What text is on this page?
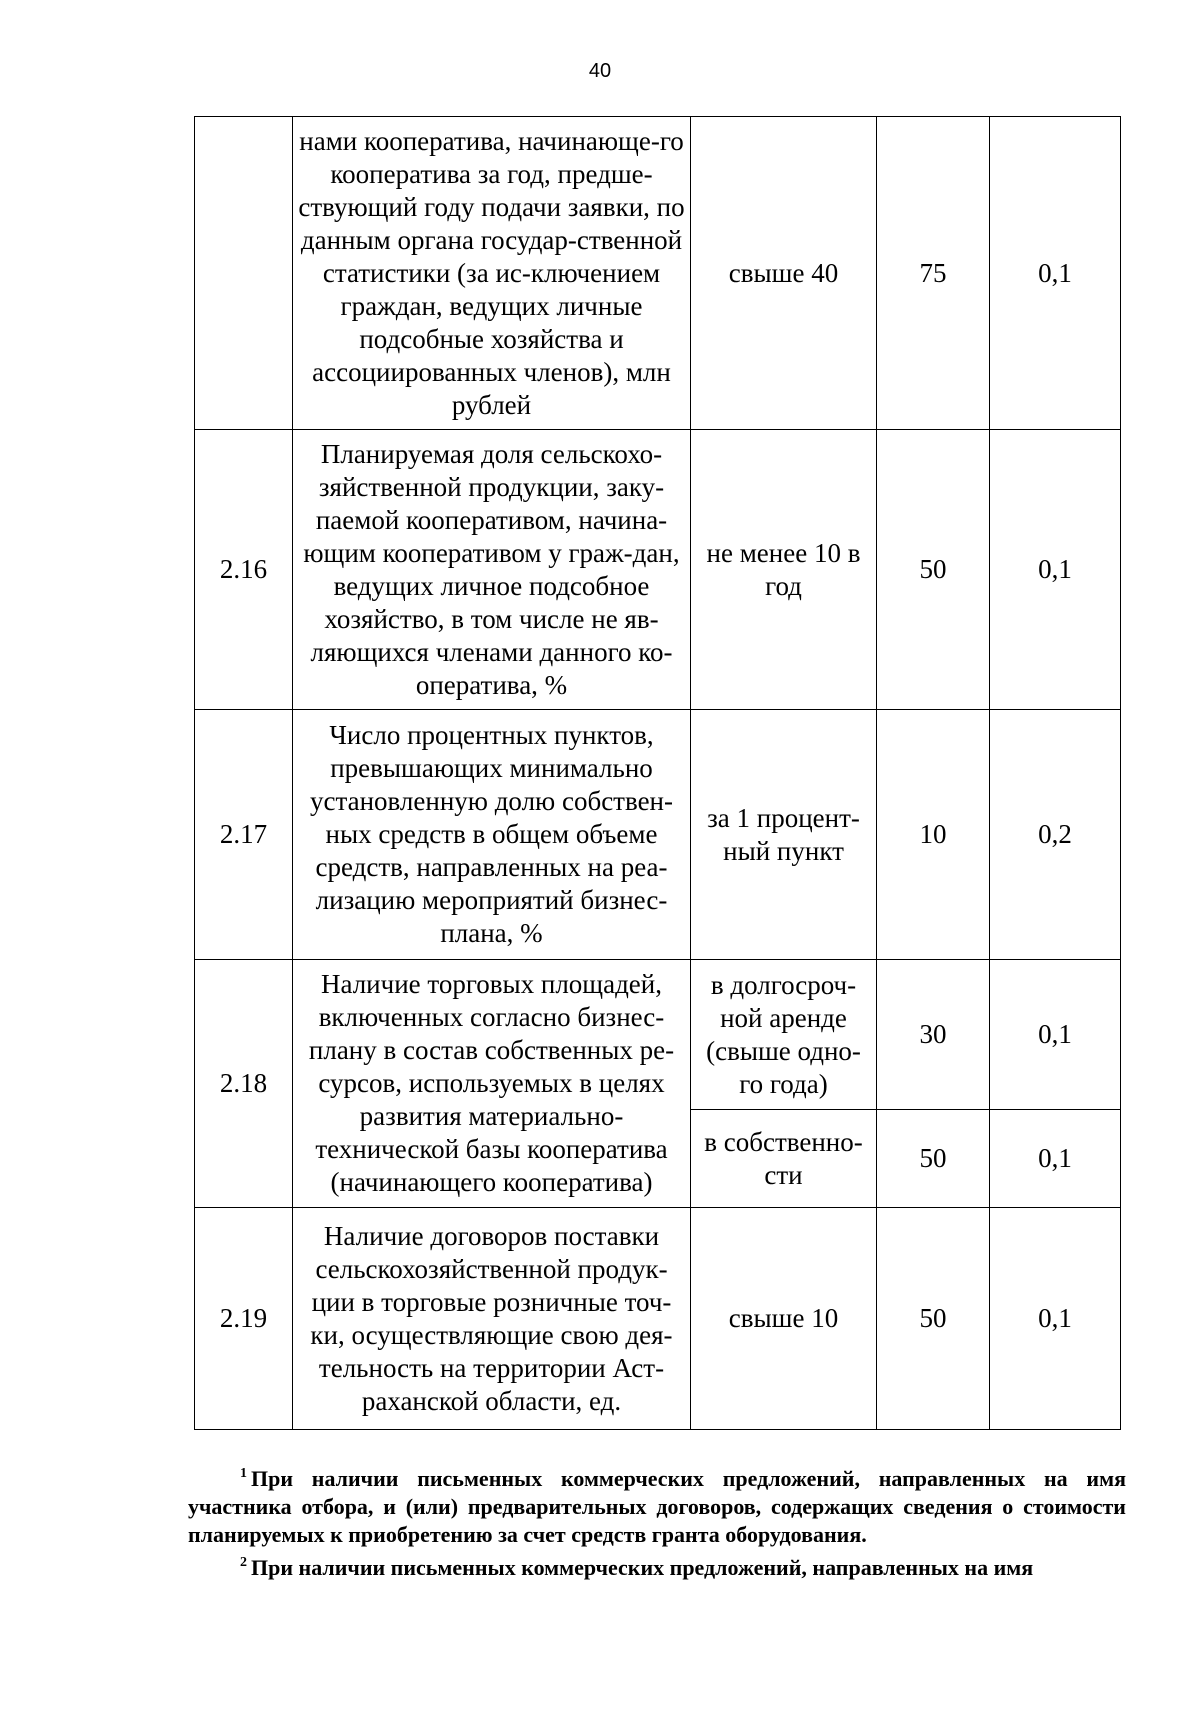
40
	нами кооператива, начинающе-го кооператива за год, предше-ствующий году подачи заявки, по данным органа государ-ственной статистики (за ис-ключением граждан, ведущих личные подсобные хозяйства и ассоциированных членов), млн рублей	свыше 40	75	0,1
2.16	Планируемая доля сельскохо-зяйственной продукции, заку-паемой кооперативом, начина-ющим кооперативом у граж-дан, ведущих личное подсобное хозяйство, в том числе не яв-ляющихся членами данного ко-оператива, %	не менее 10 в год	50	0,1
2.17	Число процентных пунктов, превышающих минимально установленную долю собствен-ных средств в общем объеме средств, направленных на реа-лизацию мероприятий бизнес-плана, %	за 1 процент-ный пункт	10	0,2
2.18	Наличие торговых площадей, включенных согласно бизнес-плану в состав собственных ре-сурсов, используемых в целях развития материально-технической базы кооператива (начинающего кооператива)	в долгосроч-ной аренде (свыше одно-го года)	30	0,1
		в собственно-сти	50	0,1
2.19	Наличие договоров поставки сельскохозяйственной продук-ции в торговые розничные точ-ки, осуществляющие свою дея-тельность на территории Аст-раханской области, ед.	свыше 10	50	0,1

$^1$ При наличии письменных коммерческих предложений, направленных на имя участника отбора, и (или) предварительных договоров, содержащих сведения о стоимости планируемых к приобретению за счет средств гранта оборудования.

$^2$ При наличии письменных коммерческих предложений, направленных на имя
